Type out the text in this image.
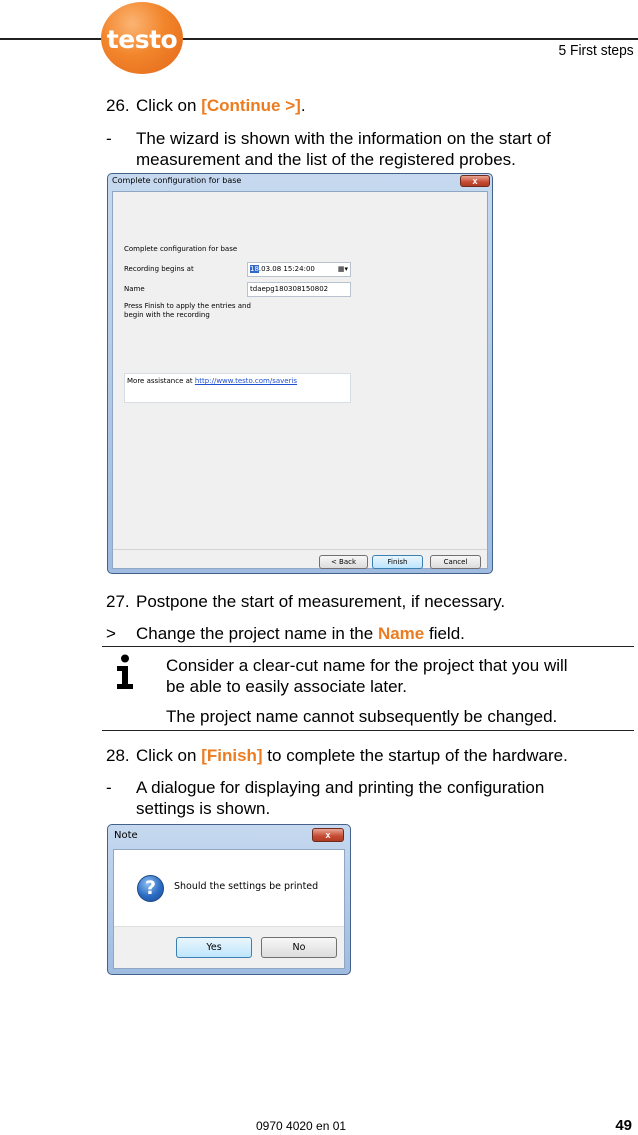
testo	5 First steps
26. Click on [Continue >].
-	The wizard is shown with the information on the start of
measurement and the list of the registered probes.
Complete configuration for base	x
Complete configuration for base
Recording begins at	18.03.08 15:24:00	▦▾
Name	tdaepg180308150802
Press Finish to apply the entries and
begin with the recording
More assistance at http://www.testo.com/saveris
< Back	Finish	Cancel
27. Postpone the start of measurement, if necessary.
>	Change the project name in the Name field.
Consider a clear-cut name for the project that you will
be able to easily associate later.
The project name cannot subsequently be changed.
28. Click on [Finish] to complete the startup of the hardware.
-	A dialogue for displaying and printing the configuration
settings is shown.
Note	x
?	Should the settings be printed
Yes	No
0970 4020 en 01	49
